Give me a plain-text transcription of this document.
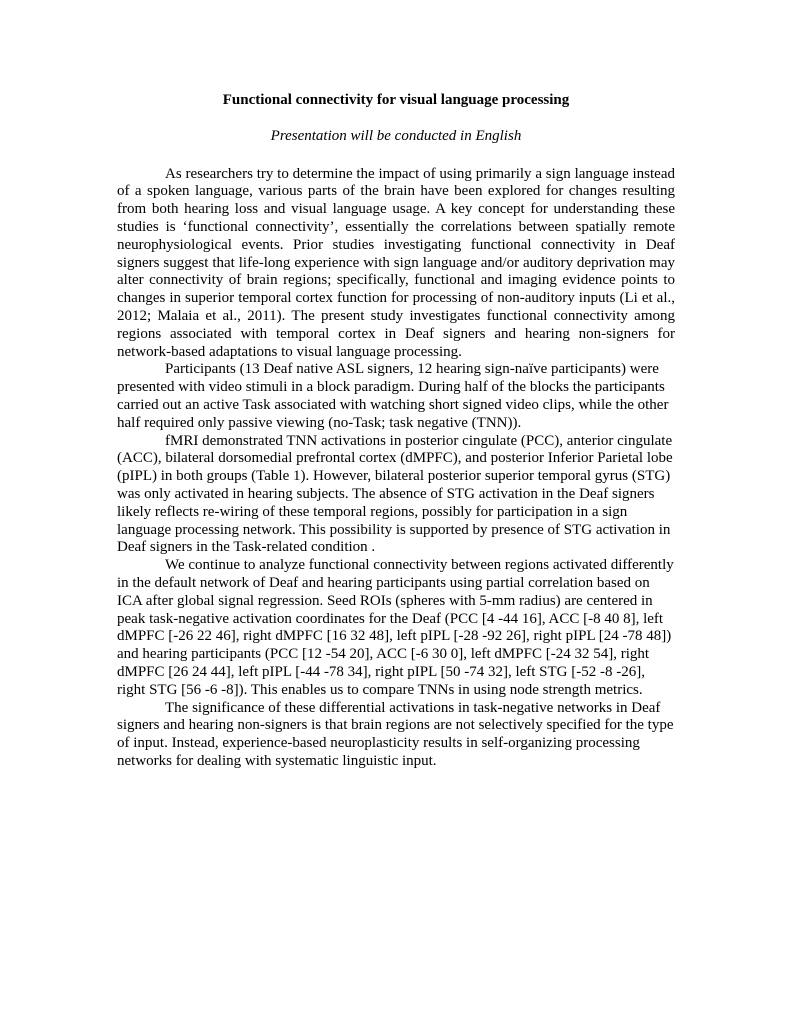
Functional connectivity for visual language processing

Presentation will be conducted in English

As researchers try to determine the impact of using primarily a sign language instead of a spoken language, various parts of the brain have been explored for changes resulting from both hearing loss and visual language usage. A key concept for understanding these studies is ‘functional connectivity’, essentially the correlations between spatially remote neurophysiological events. Prior studies investigating functional connectivity in Deaf signers suggest that life-long experience with sign language and/or auditory deprivation may alter connectivity of brain regions; specifically, functional and imaging evidence points to changes in superior temporal cortex function for processing of non-auditory inputs (Li et al., 2012; Malaia et al., 2011). The present study investigates functional connectivity among regions associated with temporal cortex in Deaf signers and hearing non-signers for network-based adaptations to visual language processing.

Participants (13 Deaf native ASL signers, 12 hearing sign-naïve participants) were presented with video stimuli in a block paradigm. During half of the blocks the participants carried out an active Task associated with watching short signed video clips, while the other half required only passive viewing (no-Task; task negative (TNN)).

fMRI demonstrated TNN activations in posterior cingulate (PCC), anterior cingulate (ACC), bilateral dorsomedial prefrontal cortex (dMPFC), and posterior Inferior Parietal lobe (pIPL) in both groups (Table 1). However, bilateral posterior superior temporal gyrus (STG) was only activated in hearing subjects. The absence of STG activation in the Deaf signers likely reflects re-wiring of these temporal regions, possibly for participation in a sign language processing network. This possibility is supported by presence of STG activation in Deaf signers in the Task-related condition .

We continue to analyze functional connectivity between regions activated differently in the default network of Deaf and hearing participants using partial correlation based on ICA after global signal regression. Seed ROIs (spheres with 5-mm radius) are centered in peak task-negative activation coordinates for the Deaf (PCC [4 -44 16], ACC [-8 40 8], left dMPFC [-26 22 46], right dMPFC [16 32 48], left pIPL [-28 -92 26], right pIPL [24 -78 48]) and hearing participants (PCC [12 -54 20], ACC [-6 30 0], left dMPFC [-24 32 54], right dMPFC [26 24 44], left pIPL [-44 -78 34], right pIPL [50 -74 32], left STG [-52 -8 -26], right STG [56 -6 -8]). This enables us to compare TNNs in using node strength metrics.

The significance of these differential activations in task-negative networks in Deaf signers and hearing non-signers is that brain regions are not selectively specified for the type of input. Instead, experience-based neuroplasticity results in self-organizing processing networks for dealing with systematic linguistic input.
